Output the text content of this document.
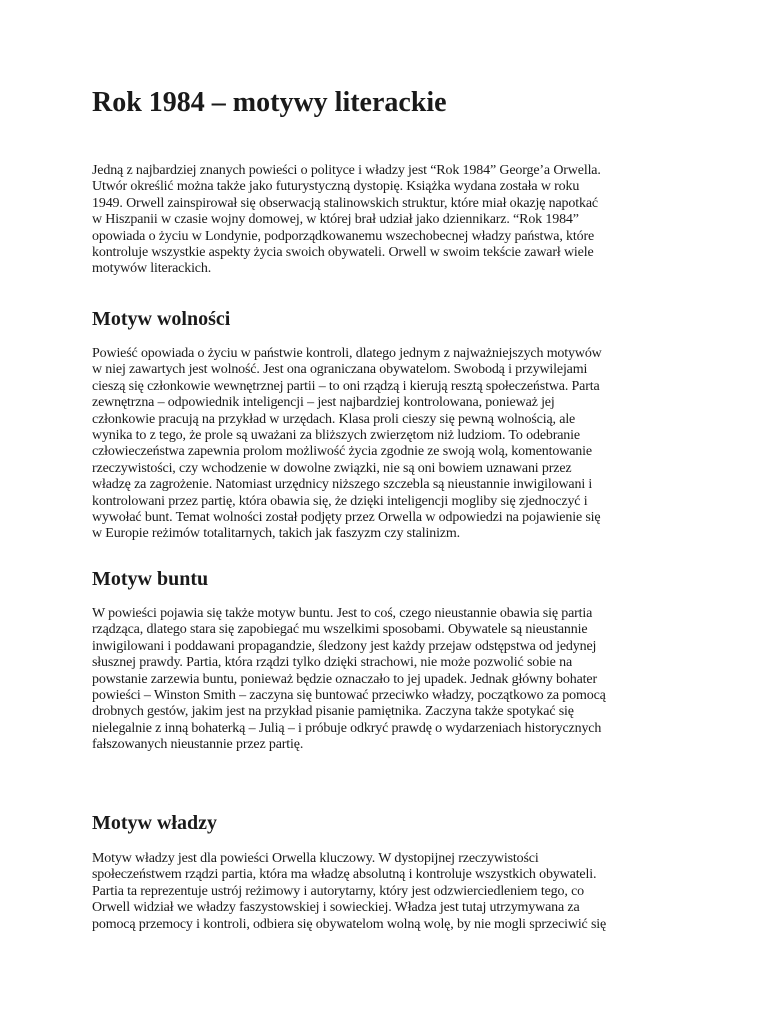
Rok 1984 – motywy literackie
Jedną z najbardziej znanych powieści o polityce i władzy jest “Rok 1984” George’a Orwella.
Utwór określić można także jako futurystyczną dystopię. Książka wydana została w roku
1949. Orwell zainspirował się obserwacją stalinowskich struktur, które miał okazję napotkać
w Hiszpanii w czasie wojny domowej, w której brał udział jako dziennikarz. “Rok 1984”
opowiada o życiu w Londynie, podporządkowanemu wszechobecnej władzy państwa, które
kontroluje wszystkie aspekty życia swoich obywateli. Orwell w swoim tekście zawarł wiele
motywów literackich.
Motyw wolności
Powieść opowiada o życiu w państwie kontroli, dlatego jednym z najważniejszych motywów
w niej zawartych jest wolność. Jest ona ograniczana obywatelom. Swobodą i przywilejami
cieszą się członkowie wewnętrznej partii – to oni rządzą i kierują resztą społeczeństwa. Parta
zewnętrzna – odpowiednik inteligencji – jest najbardziej kontrolowana, ponieważ jej
członkowie pracują na przykład w urzędach. Klasa proli cieszy się pewną wolnością, ale
wynika to z tego, że prole są uważani za bliższych zwierzętom niż ludziom. To odebranie
człowieczeństwa zapewnia prolom możliwość życia zgodnie ze swoją wolą, komentowanie
rzeczywistości, czy wchodzenie w dowolne związki, nie są oni bowiem uznawani przez
władzę za zagrożenie. Natomiast urzędnicy niższego szczebla są nieustannie inwigilowani i
kontrolowani przez partię, która obawia się, że dzięki inteligencji mogliby się zjednoczyć i
wywołać bunt. Temat wolności został podjęty przez Orwella w odpowiedzi na pojawienie się
w Europie reżimów totalitarnych, takich jak faszyzm czy stalinizm.
Motyw buntu
W powieści pojawia się także motyw buntu. Jest to coś, czego nieustannie obawia się partia
rządząca, dlatego stara się zapobiegać mu wszelkimi sposobami. Obywatele są nieustannie
inwigilowani i poddawani propagandzie, śledzony jest każdy przejaw odstępstwa od jedynej
słusznej prawdy. Partia, która rządzi tylko dzięki strachowi, nie może pozwolić sobie na
powstanie zarzewia buntu, ponieważ będzie oznaczało to jej upadek. Jednak główny bohater
powieści – Winston Smith – zaczyna się buntować przeciwko władzy, początkowo za pomocą
drobnych gestów, jakim jest na przykład pisanie pamiętnika. Zaczyna także spotykać się
nielegalnie z inną bohaterką – Julią – i próbuje odkryć prawdę o wydarzeniach historycznych
fałszowanych nieustannie przez partię.
Motyw władzy
Motyw władzy jest dla powieści Orwella kluczowy. W dystopijnej rzeczywistości
społeczeństwem rządzi partia, która ma władzę absolutną i kontroluje wszystkich obywateli.
Partia ta reprezentuje ustrój reżimowy i autorytarny, który jest odzwierciedleniem tego, co
Orwell widział we władzy faszystowskiej i sowieckiej. Władza jest tutaj utrzymywana za
pomocą przemocy i kontroli, odbiera się obywatelom wolną wolę, by nie mogli sprzeciwić się
